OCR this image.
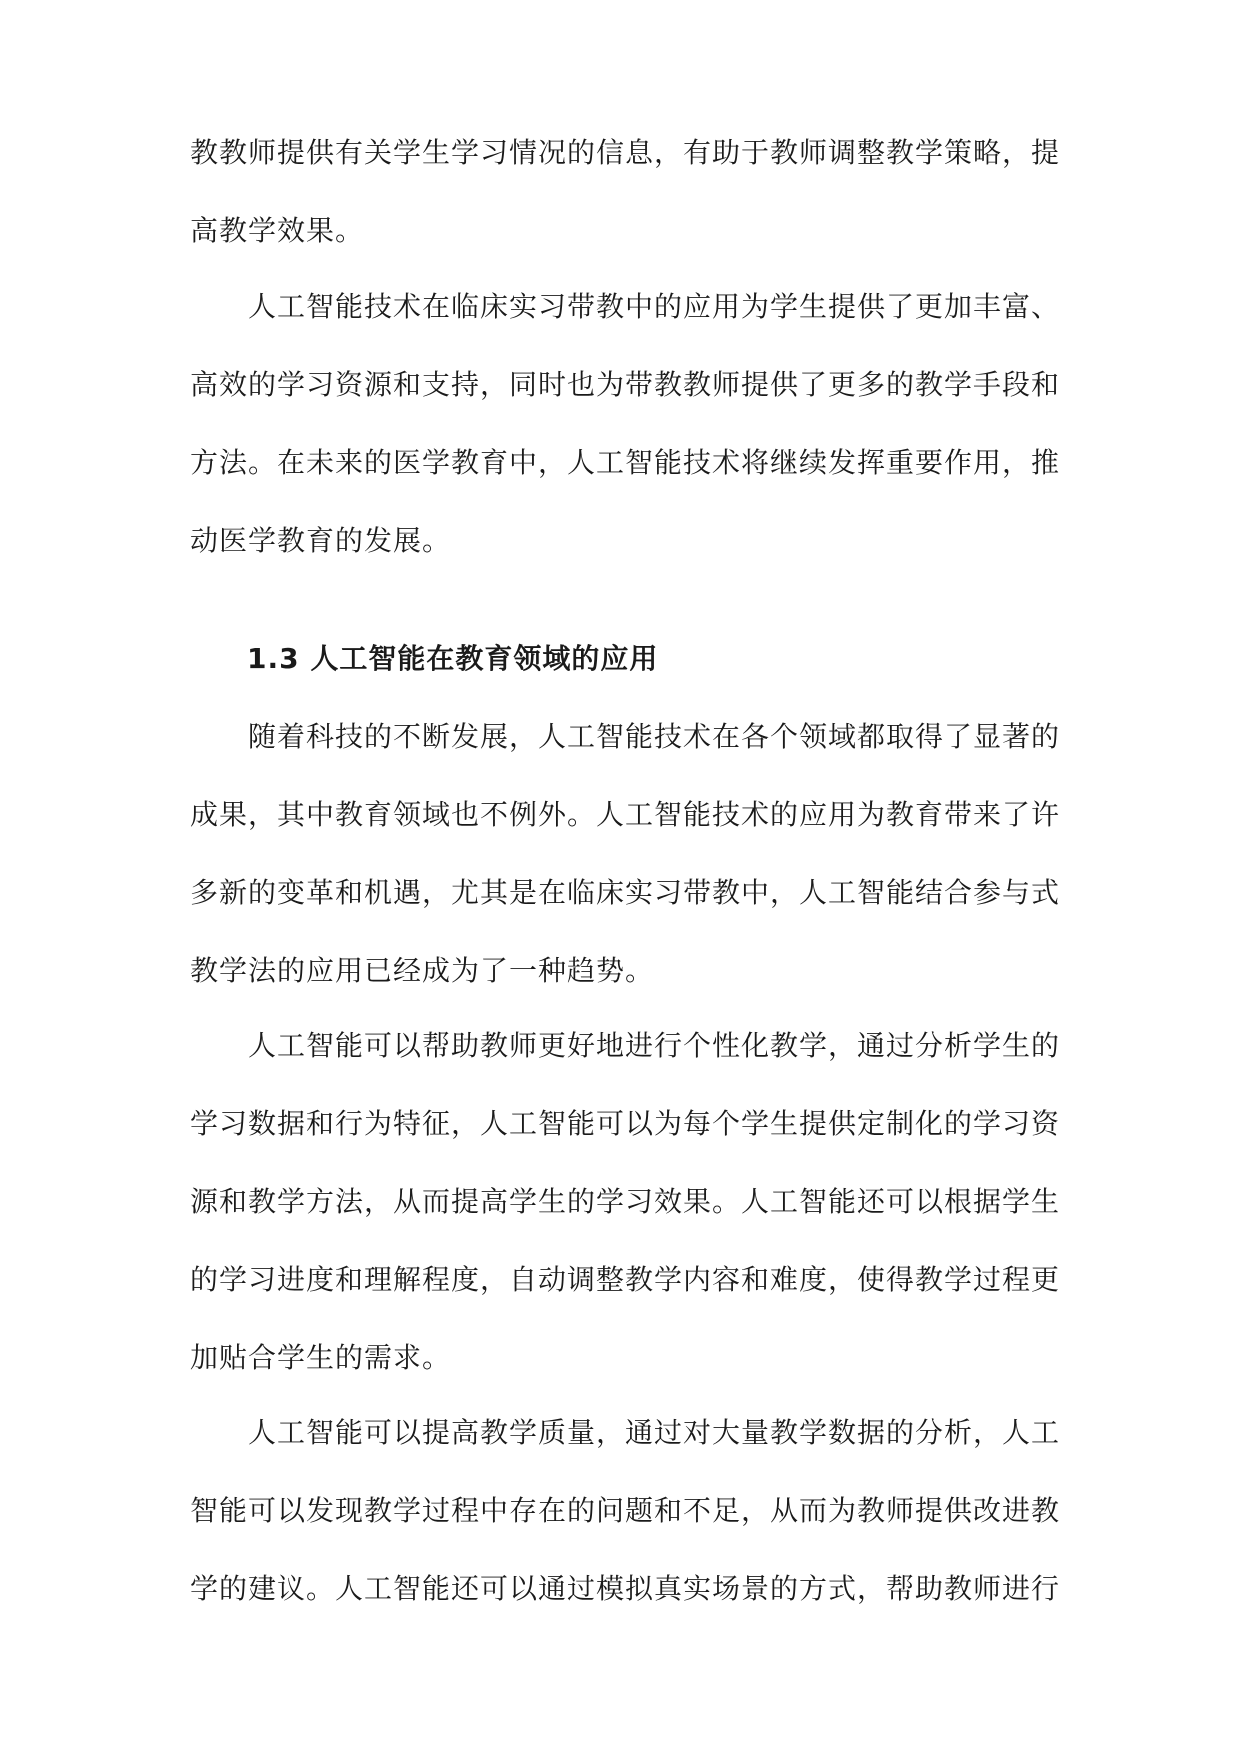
教教师提供有关学生学习情况的信息，有助于教师调整教学策略，提
高教学效果。
人工智能技术在临床实习带教中的应用为学生提供了更加丰富、
高效的学习资源和支持，同时也为带教教师提供了更多的教学手段和
方法。在未来的医学教育中，人工智能技术将继续发挥重要作用，推
动医学教育的发展。
1.3 人工智能在教育领域的应用
随着科技的不断发展，人工智能技术在各个领域都取得了显著的
成果，其中教育领域也不例外。人工智能技术的应用为教育带来了许
多新的变革和机遇，尤其是在临床实习带教中，人工智能结合参与式
教学法的应用已经成为了一种趋势。
人工智能可以帮助教师更好地进行个性化教学，通过分析学生的
学习数据和行为特征，人工智能可以为每个学生提供定制化的学习资
源和教学方法，从而提高学生的学习效果。人工智能还可以根据学生
的学习进度和理解程度，自动调整教学内容和难度，使得教学过程更
加贴合学生的需求。
人工智能可以提高教学质量，通过对大量教学数据的分析，人工
智能可以发现教学过程中存在的问题和不足，从而为教师提供改进教
学的建议。人工智能还可以通过模拟真实场景的方式，帮助教师进行
